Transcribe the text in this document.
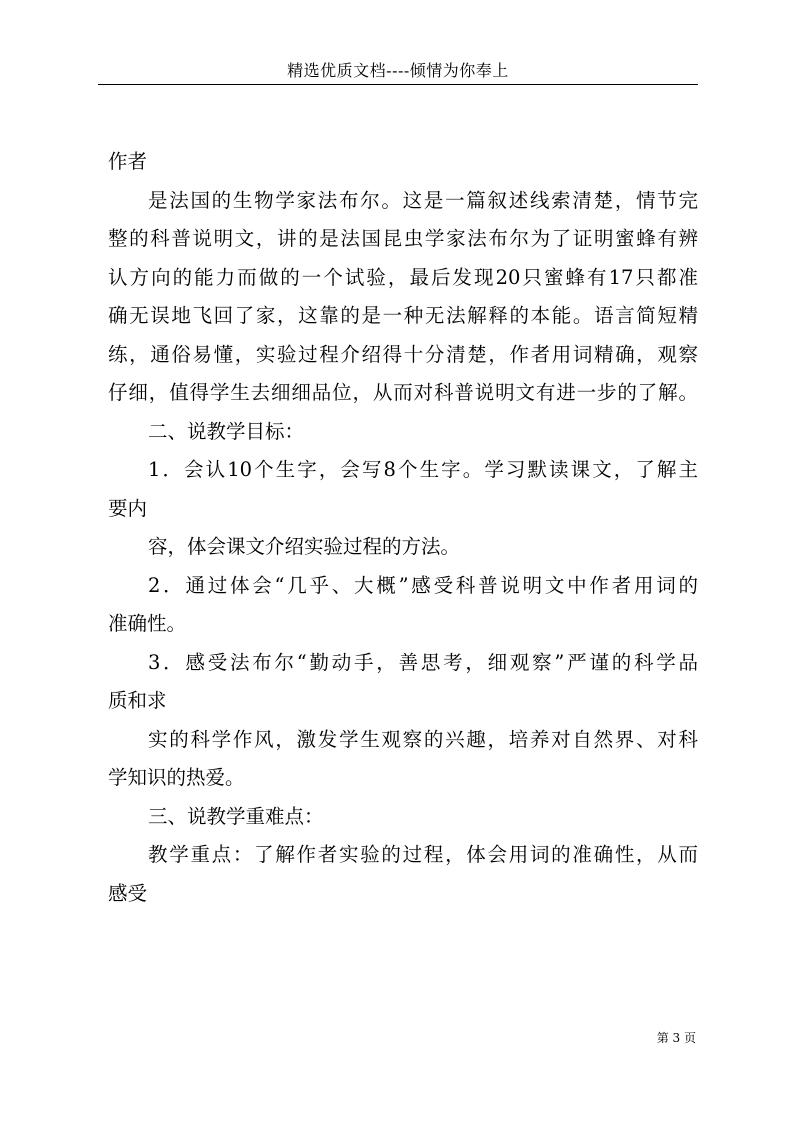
精选优质文档----倾情为你奉上
作者
是法国的生物学家法布尔。这是一篇叙述线索清楚，情节完
整的科普说明文，讲的是法国昆虫学家法布尔为了证明蜜蜂有辨
认方向的能力而做的一个试验，最后发现20只蜜蜂有17只都准
确无误地飞回了家，这靠的是一种无法解释的本能。语言简短精
练，通俗易懂，实验过程介绍得十分清楚，作者用词精确，观察
仔细，值得学生去细细品位，从而对科普说明文有进一步的了解。
二、说教学目标：
1．会认10个生字，会写8个生字。学习默读课文，了解主
要内
容，体会课文介绍实验过程的方法。
2．通过体会“几乎、大概”感受科普说明文中作者用词的
准确性。
3．感受法布尔“勤动手，善思考，细观察”严谨的科学品
质和求
实的科学作风，激发学生观察的兴趣，培养对自然界、对科
学知识的热爱。
三、说教学重难点：
教学重点：了解作者实验的过程，体会用词的准确性，从而
感受
第 3 页
